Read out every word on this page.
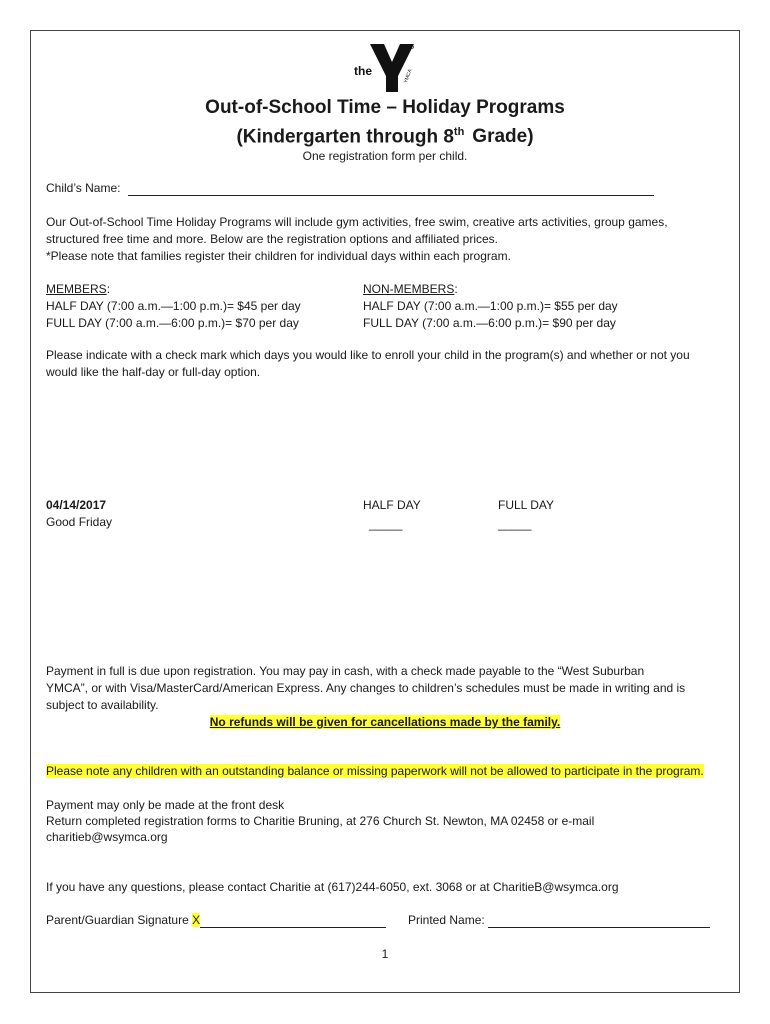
the	YMCA
Out-of-School Time – Holiday Programs
(Kindergarten through 8th Grade)
One registration form per child.
Child’s Name:
Our Out-of-School Time Holiday Programs will include gym activities, free swim, creative arts activities, group games,
structured free time and more. Below are the registration options and affiliated prices.
*Please note that families register their children for individual days within each program.
MEMBERS:
HALF DAY (7:00 a.m.—1:00 p.m.)= $45 per day
FULL DAY (7:00 a.m.—6:00 p.m.)= $70 per day
NON-MEMBERS:
HALF DAY (7:00 a.m.—1:00 p.m.)= $55 per day
FULL DAY (7:00 a.m.—6:00 p.m.)= $90 per day
Please indicate with a check mark which days you would like to enroll your child in the program(s) and whether or not you
would like the half-day or full-day option.
04/14/2017
Good Friday
HALF DAY	FULL DAY
_____	_____
Payment in full is due upon registration. You may pay in cash, with a check made payable to the “West Suburban
YMCA”, or with Visa/MasterCard/American Express. Any changes to children’s schedules must be made in writing and is
subject to availability.
No refunds will be given for cancellations made by the family.
Please note any children with an outstanding balance or missing paperwork will not be allowed to participate in the program.
Payment may only be made at the front desk
Return completed registration forms to Charitie Bruning, at 276 Church St. Newton, MA 02458 or e-mail
charitieb@wsymca.org
If you have any questions, please contact Charitie at (617)244-6050, ext. 3068 or at CharitieB@wsymca.org
Parent/Guardian Signature X	Printed Name:
1
